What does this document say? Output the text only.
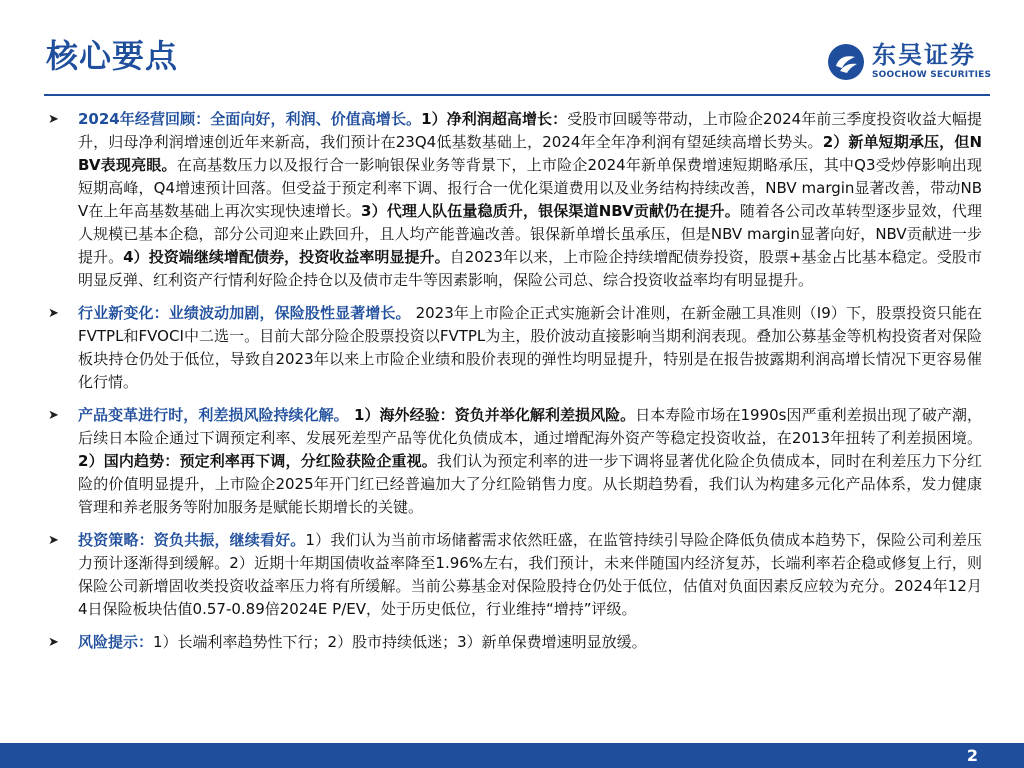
核心要点	东吴证券
SOOCHOW SECURITIES
➤ 2024年经营回顾：全面向好，利润、价值高增长。1）净利润超高增长：受股市回暖等带动，上市险企2024年前三季度投资收益大幅提升，归母净利润增速创近年来新高，我们预计在23Q4低基数基础上，2024年全年净利润有望延续高增长势头。2）新单短期承压，但NBV表现亮眼。在高基数压力以及报行合一影响银保业务等背景下，上市险企2024年新单保费增速短期略承压，其中Q3受炒停影响出现短期高峰，Q4增速预计回落。但受益于预定利率下调、报行合一优化渠道费用以及业务结构持续改善，NBV margin显著改善，带动NBV在上年高基数基础上再次实现快速增长。3）代理人队伍量稳质升，银保渠道NBV贡献仍在提升。随着各公司改革转型逐步显效，代理人规模已基本企稳，部分公司迎来止跌回升，且人均产能普遍改善。银保新单增长虽承压，但是NBV margin显著向好，NBV贡献进一步提升。4）投资端继续增配债券，投资收益率明显提升。自2023年以来，上市险企持续增配债券投资，股票+基金占比基本稳定。受股市明显反弹、红利资产行情利好险企持仓以及债市走牛等因素影响，保险公司总、综合投资收益率均有明显提升。

➤ 行业新变化：业绩波动加剧，保险股性显著增长。 2023年上市险企正式实施新会计准则，在新金融工具准则（I9）下，股票投资只能在FVTPL和FVOCI中二选一。目前大部分险企股票投资以FVTPL为主，股价波动直接影响当期利润表现。叠加公募基金等机构投资者对保险板块持仓仍处于低位，导致自2023年以来上市险企业绩和股价表现的弹性均明显提升，特别是在报告披露期利润高增长情况下更容易催化行情。

➤ 产品变革进行时，利差损风险持续化解。 1）海外经验：资负并举化解利差损风险。日本寿险市场在1990s因严重利差损出现了破产潮，后续日本险企通过下调预定利率、发展死差型产品等优化负债成本，通过增配海外资产等稳定投资收益，在2013年扭转了利差损困境。2）国内趋势：预定利率再下调，分红险获险企重视。我们认为预定利率的进一步下调将显著优化险企负债成本，同时在利差压力下分红险的价值明显提升，上市险企2025年开门红已经普遍加大了分红险销售力度。从长期趋势看，我们认为构建多元化产品体系，发力健康管理和养老服务等附加服务是赋能长期增长的关键。

➤ 投资策略：资负共振，继续看好。1）我们认为当前市场储蓄需求依然旺盛，在监管持续引导险企降低负债成本趋势下，保险公司利差压力预计逐渐得到缓解。2）近期十年期国债收益率降至1.96%左右，我们预计，未来伴随国内经济复苏，长端利率若企稳或修复上行，则保险公司新增固收类投资收益率压力将有所缓解。当前公募基金对保险股持仓仍处于低位，估值对负面因素反应较为充分。2024年12月4日保险板块估值0.57-0.89倍2024E P/EV，处于历史低位，行业维持“增持”评级。

➤ 风险提示：1）长端利率趋势性下行；2）股市持续低迷；3）新单保费增速明显放缓。

2
